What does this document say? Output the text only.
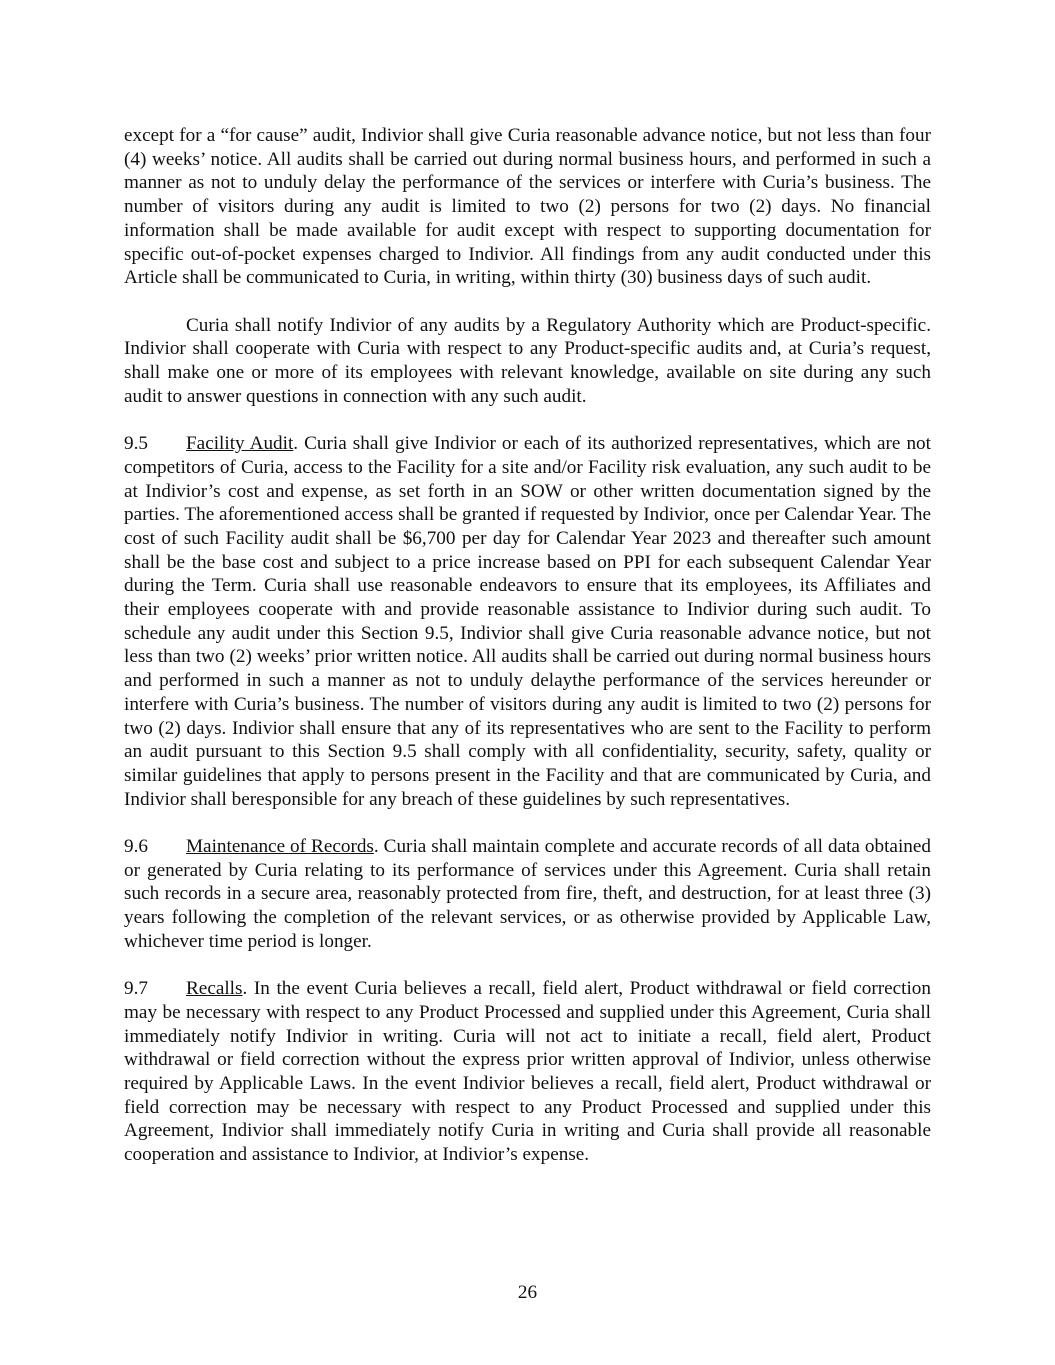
except for a “for cause” audit, Indivior shall give Curia reasonable advance notice, but not less than four (4) weeks’ notice. All audits shall be carried out during normal business hours, and performed in such a manner as not to unduly delay the performance of the services or interfere with Curia’s business. The number of visitors during any audit is limited to two (2) persons for two (2) days. No financial information shall be made available for audit except with respect to supporting documentation for specific out-of-pocket expenses charged to Indivior. All findings from any audit conducted under this Article shall be communicated to Curia, in writing, within thirty (30) business days of such audit.

Curia shall notify Indivior of any audits by a Regulatory Authority which are Product-specific. Indivior shall cooperate with Curia with respect to any Product-specific audits and, at Curia’s request, shall make one or more of its employees with relevant knowledge, available on site during any such audit to answer questions in connection with any such audit.

9.5 Facility Audit. Curia shall give Indivior or each of its authorized representatives, which are not competitors of Curia, access to the Facility for a site and/or Facility risk evaluation, any such audit to be at Indivior’s cost and expense, as set forth in an SOW or other written documentation signed by the parties. The aforementioned access shall be granted if requested by Indivior, once per Calendar Year. The cost of such Facility audit shall be $6,700 per day for Calendar Year 2023 and thereafter such amount shall be the base cost and subject to a price increase based on PPI for each subsequent Calendar Year during the Term. Curia shall use reasonable endeavors to ensure that its employees, its Affiliates and their employees cooperate with and provide reasonable assistance to Indivior during such audit. To schedule any audit under this Section 9.5, Indivior shall give Curia reasonable advance notice, but not less than two (2) weeks’ prior written notice. All audits shall be carried out during normal business hours and performed in such a manner as not to unduly delaythe performance of the services hereunder or interfere with Curia’s business. The number of visitors during any audit is limited to two (2) persons for two (2) days. Indivior shall ensure that any of its representatives who are sent to the Facility to perform an audit pursuant to this Section 9.5 shall comply with all confidentiality, security, safety, quality or similar guidelines that apply to persons present in the Facility and that are communicated by Curia, and Indivior shall beresponsible for any breach of these guidelines by such representatives.

9.6 Maintenance of Records. Curia shall maintain complete and accurate records of all data obtained or generated by Curia relating to its performance of services under this Agreement. Curia shall retain such records in a secure area, reasonably protected from fire, theft, and destruction, for at least three (3) years following the completion of the relevant services, or as otherwise provided by Applicable Law, whichever time period is longer.

9.7 Recalls. In the event Curia believes a recall, field alert, Product withdrawal or field correction may be necessary with respect to any Product Processed and supplied under this Agreement, Curia shall immediately notify Indivior in writing. Curia will not act to initiate a recall, field alert, Product withdrawal or field correction without the express prior written approval of Indivior, unless otherwise required by Applicable Laws. In the event Indivior believes a recall, field alert, Product withdrawal or field correction may be necessary with respect to any Product Processed and supplied under this Agreement, Indivior shall immediately notify Curia in writing and Curia shall provide all reasonable cooperation and assistance to Indivior, at Indivior’s expense.

26
